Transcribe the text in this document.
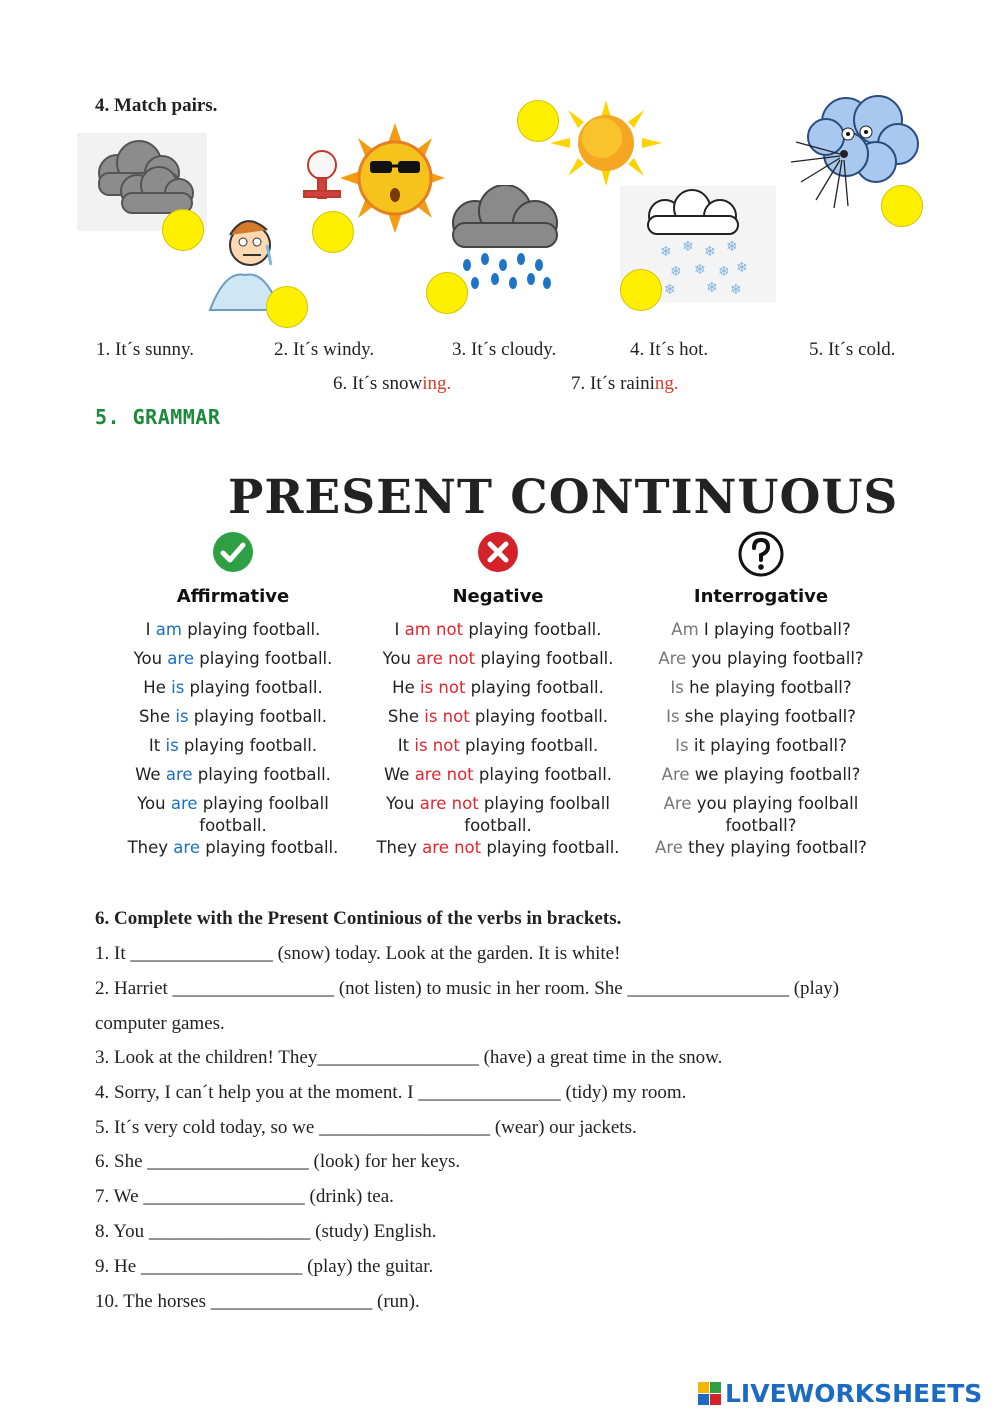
4. Match pairs.
❄ ❄ ❄ ❄
❄ ❄ ❄ ❄
❄ ❄ ❄
1. It´s sunny.	2. It´s windy.	3. It´s cloudy.	4. It´s hot.	5. It´s cold.
6. It´s snowing.	7. It´s raining.
5. GRAMMAR
PRESENT CONTINUOUS
Affirmative
I am playing football.
You are playing football.
He is playing football.
She is playing football.
It is playing football.
We are playing football.
You are playing foolball football.
They are playing football.
Negative
I am not playing football.
You are not playing football.
He is not playing football.
She is not playing football.
It is not playing football.
We are not playing football.
You are not playing foolball football.
They are not playing football.
Interrogative
Am I playing football?
Are you playing football?
Is he playing football?
Is she playing football?
Is it playing football?
Are we playing football?
Are you playing foolball football?
Are they playing football?
6. Complete with the Present Continious of the verbs in brackets.
1. It _______________ (snow) today. Look at the garden. It is white!
2. Harriet _________________ (not listen) to music in her room. She _________________ (play)
computer games.
3. Look at the children! They_________________ (have) a great time in the snow.
4. Sorry, I can´t help you at the moment. I _______________ (tidy) my room.
5. It´s very cold today, so we __________________ (wear) our jackets.
6. She _________________ (look) for her keys.
7. We _________________ (drink) tea.
8. You _________________ (study) English.
9. He _________________ (play) the guitar.
10. The horses _________________ (run).
LIVEWORKSHEETS
